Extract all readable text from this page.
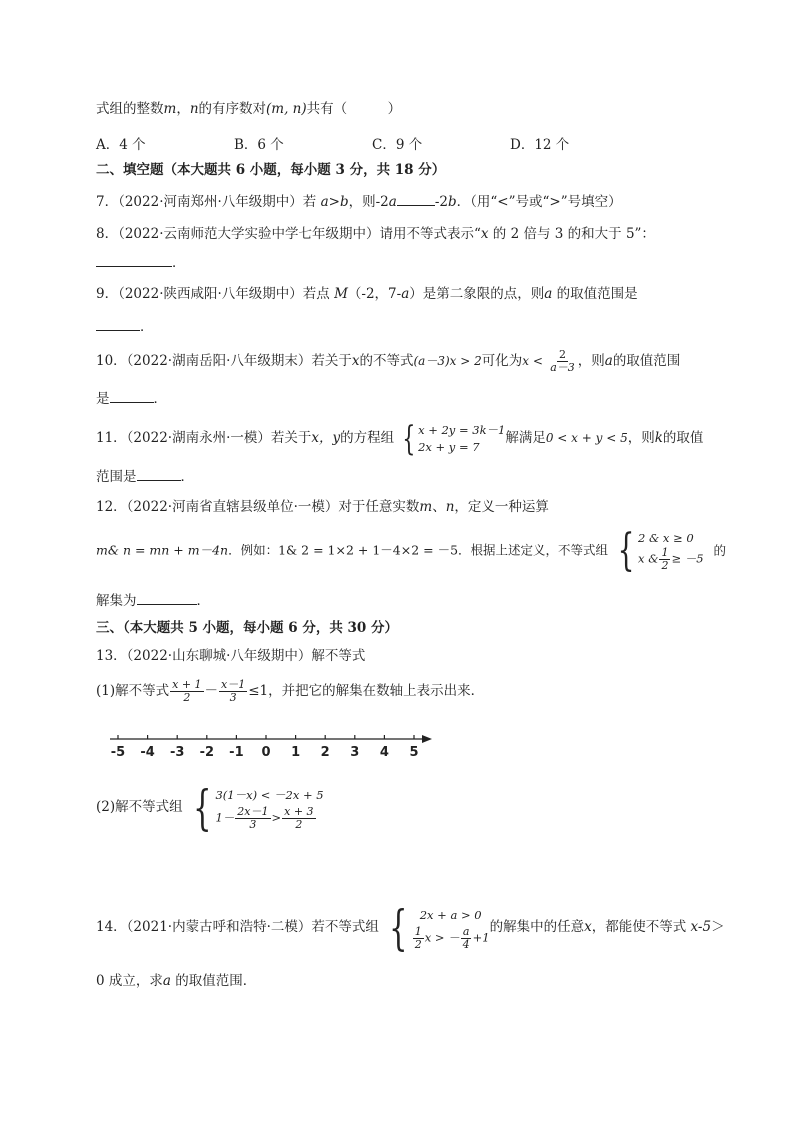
式组的整数m，n的有序数对(m, n)共有（　　　）
A．4 个	B．6 个	C．9 个	D．12 个
二、填空题（本大题共 6 小题，每小题 3 分，共 18 分）
7．（2022·河南郑州·八年级期中）若 a>b，则-2a	-2b．（用“<”号或“>”号填空）
8．（2022·云南师范大学实验中学七年级期中）请用不等式表示“x 的 2 倍与 3 的和大于 5”：
．
9．（2022·陕西咸阳·八年级期中）若点 M（-2，7-a）是第二象限的点，则a 的取值范围是
．
10．（2022·湖南岳阳·八年级期末）若关于x的不等式(a－3)x > 2可化为$x < \frac{2}{a-3}$ ，则a的取值范围
是	．
11．（2022·湖南永州·一模）若关于x，y的方程组 { x + 2y = 3k－1
2x + y = 7
解满足0 < x + y < 5，则k的取值
范围是	．
12．（2022·河南省直辖县级单位·一模）对于任意实数m、n，定义一种运算
m& n = mn + m－4n．例如：1& 2 = 1×2 + 1－4×2 = －5．根据上述定义，不等式组 { 2 & x ≥ 0
x & $\frac{1}{2} \ge -5$
的
解集为	．
三、（本大题共 5 小题，每小题 6 分，共 30 分）
13．（2022·山东聊城·八年级期中）解不等式
(1)解不等式 $\frac{x + 1}{2} - \frac{x-1}{3} \le 1$，并把它的解集在数轴上表示出来．
-5 -4 -3 -2 -1 0 1 2 3 4 5
(2)解不等式组 { 3(1－x) < －2x + 5
$1- \frac{2x-1}{3} > \frac{x + 3}{2}$
14．（2021·内蒙古呼和浩特·二模）若不等式组 {	2x + a > 0
$\frac{1}{2}$ x > － $\frac{a}{4} +1$
的解集中的任意x，都能使不等式 x-5＞
0 成立，求a 的取值范围．
